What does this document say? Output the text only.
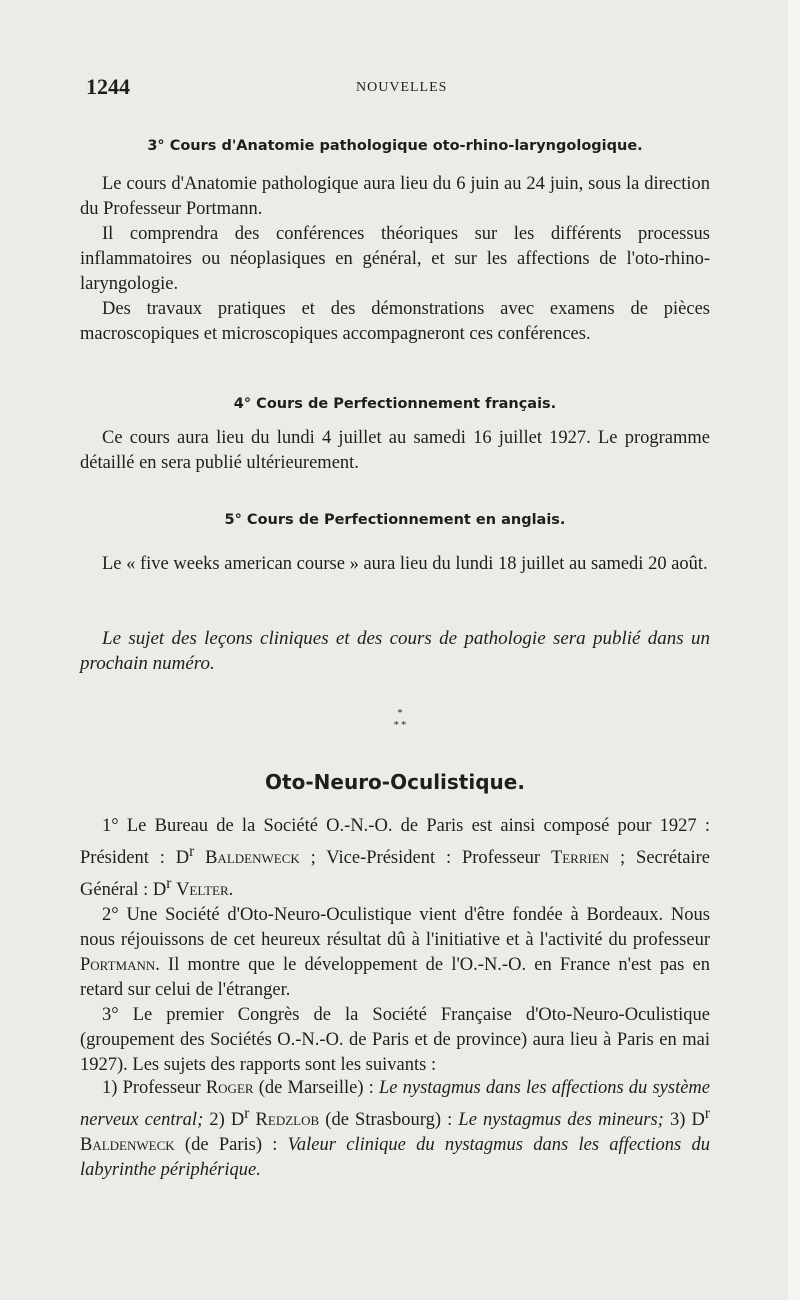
1244	NOUVELLES
3° Cours d'Anatomie pathologique oto-rhino-laryngologique.

Le cours d'Anatomie pathologique aura lieu du 6 juin au 24 juin, sous la direction du Professeur Portmann.

Il comprendra des conférences théoriques sur les différents processus inflammatoires ou néoplasiques en général, et sur les affections de l'oto-rhino-laryngologie.

Des travaux pratiques et des démonstrations avec examens de pièces macroscopiques et microscopiques accompagneront ces conférences.

4° Cours de Perfectionnement français.

Ce cours aura lieu du lundi 4 juillet au samedi 16 juillet 1927. Le programme détaillé en sera publié ultérieurement.

5° Cours de Perfectionnement en anglais.

Le « five weeks american course » aura lieu du lundi 18 juillet au samedi 20 août.

Le sujet des leçons cliniques et des cours de pathologie sera publié dans un prochain numéro.

*
* *
Oto-Neuro-Oculistique.

1° Le Bureau de la Société O.-N.-O. de Paris est ainsi composé pour 1927 : Président : $D^r$ Baldenweck ; Vice-Président : Professeur Terrien ; Secrétaire Général : $D^r$ Velter.

2° Une Société d'Oto-Neuro-Oculistique vient d'être fondée à Bordeaux. Nous nous réjouissons de cet heureux résultat dû à l'initiative et à l'activité du professeur Portmann. Il montre que le développement de l'O.-N.-O. en France n'est pas en retard sur celui de l'étranger.

3° Le premier Congrès de la Société Française d'Oto-Neuro-Oculistique (groupement des Sociétés O.-N.-O. de Paris et de province) aura lieu à Paris en mai 1927). Les sujets des rapports sont les suivants :

1) Professeur Roger (de Marseille) : Le nystagmus dans les affections du système nerveux central; 2) $D^r$ Redzlob (de Strasbourg) : Le nystagmus des mineurs; 3) $D^r$ Baldenweck (de Paris) : Valeur clinique du nystagmus dans les affections du labyrinthe périphérique.
